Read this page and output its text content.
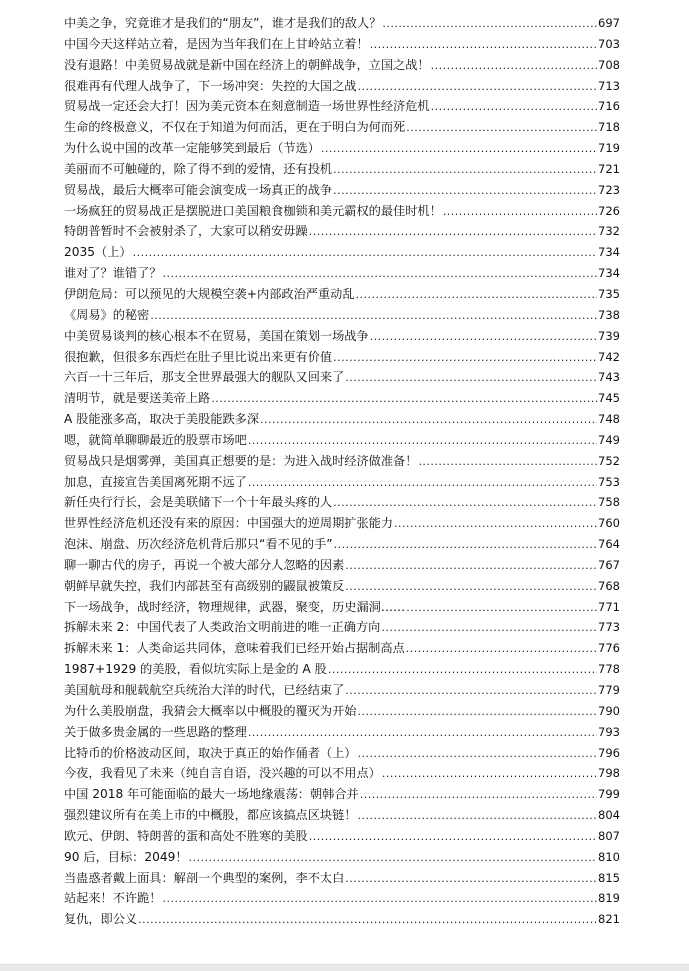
中美之争，究竟谁才是我们的“朋友”，谁才是我们的敌人？ .....	697
中国今天这样站立着，是因为当年我们在上甘岭站立着！ .....	703
没有退路！中美贸易战就是新中国在经济上的朝鲜战争，立国之战！ .....	708
很难再有代理人战争了，下一场冲突：失控的大国之战 .....	713
贸易战一定还会大打！因为美元资本在刻意制造一场世界性经济危机 .....	716
生命的终极意义，不仅在于知道为何而活，更在于明白为何而死 .....	718
为什么说中国的改革一定能够笑到最后（节选） .....	719
美丽而不可触碰的，除了得不到的爱情，还有投机 .....	721
贸易战，最后大概率可能会演变成一场真正的战争 .....	723
一场疯狂的贸易战正是摆脱进口美国粮食枷锁和美元霸权的最佳时机！ .....	726
特朗普暂时不会被射杀了，大家可以稍安毋躁 .....	732
2035（上） .....	734
谁对了？谁错了？ .....	734
伊朗危局：可以预见的大规模空袭+内部政治严重动乱 .....	735
《周易》的秘密 .....	738
中美贸易谈判的核心根本不在贸易，美国在策划一场战争 .....	739
很抱歉，但很多东西烂在肚子里比说出来更有价值 .....	742
六百一十三年后，那支全世界最强大的舰队又回来了 .....	743
清明节，就是要送美帝上路 .....	745
A 股能涨多高，取决于美股能跌多深 .....	748
嗯，就简单聊聊最近的股票市场吧 .....	749
贸易战只是烟雾弹，美国真正想要的是：为进入战时经济做准备！ .....	752
加息，直接宣告美国离死期不远了 .....	753
新任央行行长，会是美联储下一个十年最头疼的人 .....	758
世界性经济危机还没有来的原因：中国强大的逆周期扩张能力 .....	760
泡沫、崩盘、历次经济危机背后那只“看不见的手” .....	764
聊一聊古代的房子，再说一个被大部分人忽略的因素 .....	767
朝鲜早就失控，我们内部甚至有高级别的鼹鼠被策反 .....	768
下一场战争，战时经济，物理规律，武器，聚变，历史漏洞…… .....	771
拆解未来 2：中国代表了人类政治文明前进的唯一正确方向 .....	773
拆解未来 1：人类命运共同体，意味着我们已经开始占据制高点 .....	776
1987+1929 的美股，看似坑实际上是金的 A 股 .....	778
美国航母和舰载航空兵统治大洋的时代，已经结束了 .....	779
为什么美股崩盘，我猜会大概率以中概股的覆灭为开始 .....	790
关于做多贵金属的一些思路的整理 .....	793
比特币的价格波动区间，取决于真正的始作俑者（上） .....	796
今夜，我看见了未来（纯自言自语，没兴趣的可以不用点） .....	798
中国 2018 年可能面临的最大一场地缘震荡：朝韩合并 .....	799
强烈建议所有在美上市的中概股，都应该搞点区块链！ .....	804
欧元、伊朗、特朗普的蛋和高处不胜寒的美股 .....	807
90 后，目标：2049！ .....	810
当蛊惑者戴上面具：解剖一个典型的案例，李不太白 .....	815
站起来！不许跪！ .....	819
复仇，即公义 .....	821
